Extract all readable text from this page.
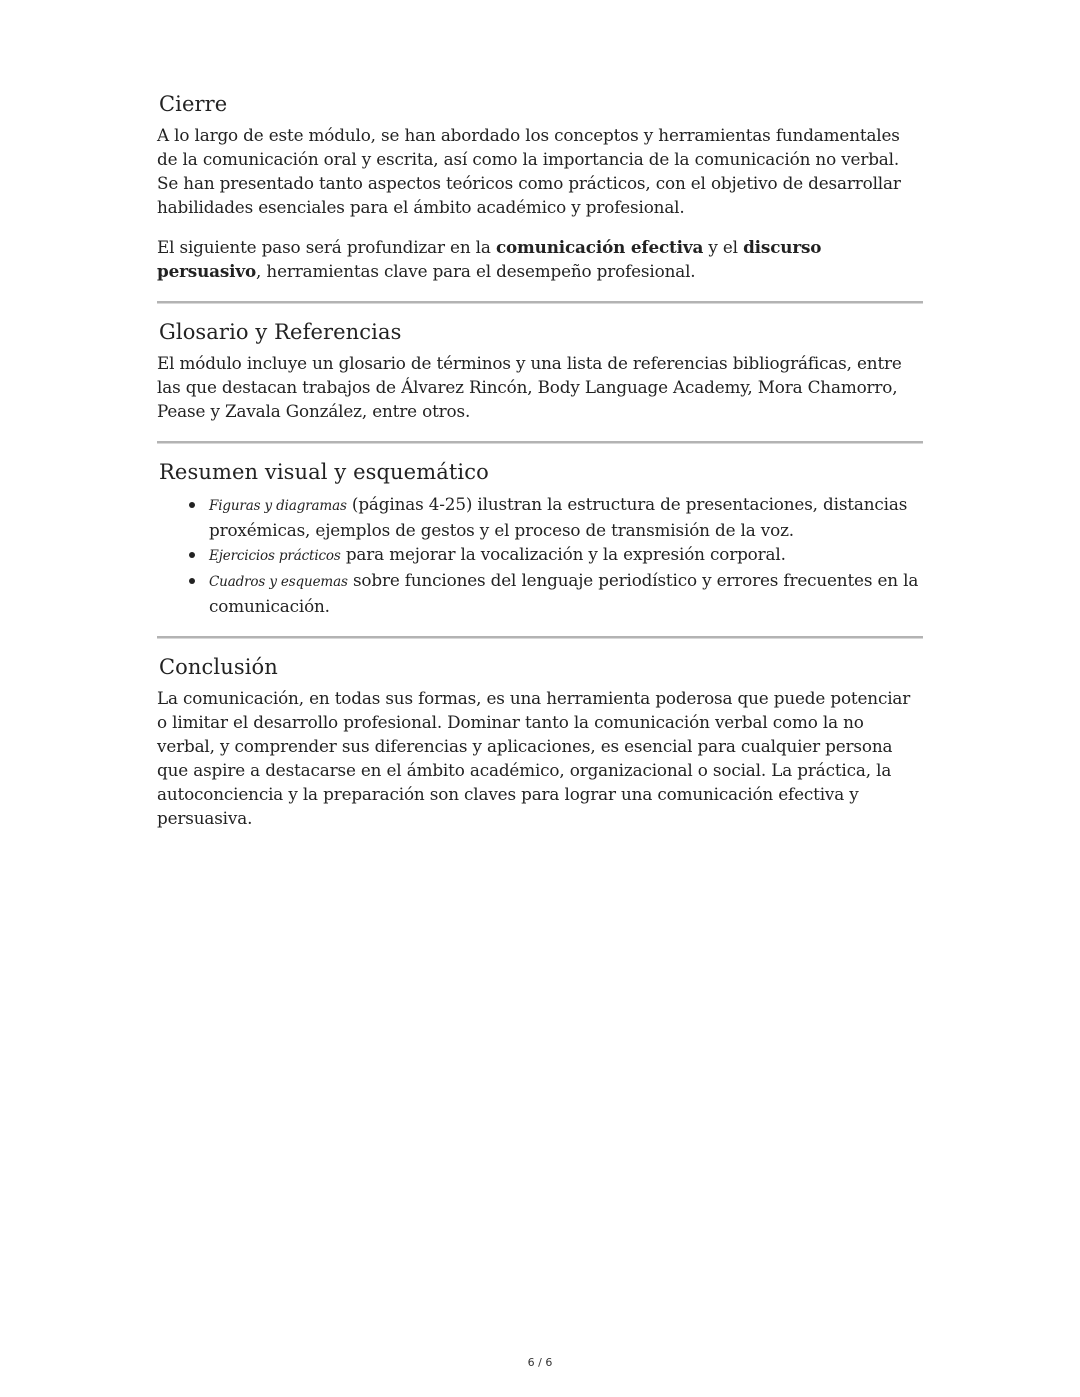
Cierre

A lo largo de este módulo, se han abordado los conceptos y herramientas fundamentales de la comunicación oral y escrita, así como la importancia de la comunicación no verbal. Se han presentado tanto aspectos teóricos como prácticos, con el objetivo de desarrollar habilidades esenciales para el ámbito académico y profesional.

El siguiente paso será profundizar en la comunicación efectiva y el discurso persuasivo, herramientas clave para el desempeño profesional.

Glosario y Referencias

El módulo incluye un glosario de términos y una lista de referencias bibliográficas, entre las que destacan trabajos de Álvarez Rincón, Body Language Academy, Mora Chamorro, Pease y Zavala González, entre otros.

Resumen visual y esquemático
Figuras y diagramas (páginas 4-25) ilustran la estructura de presentaciones, distancias proxémicas, ejemplos de gestos y el proceso de transmisión de la voz.
Ejercicios prácticos para mejorar la vocalización y la expresión corporal.
Cuadros y esquemas sobre funciones del lenguaje periodístico y errores frecuentes en la comunicación.
Conclusión

La comunicación, en todas sus formas, es una herramienta poderosa que puede potenciar o limitar el desarrollo profesional. Dominar tanto la comunicación verbal como la no verbal, y comprender sus diferencias y aplicaciones, es esencial para cualquier persona que aspire a destacarse en el ámbito académico, organizacional o social. La práctica, la autoconciencia y la preparación son claves para lograr una comunicación efectiva y persuasiva.

6 / 6
